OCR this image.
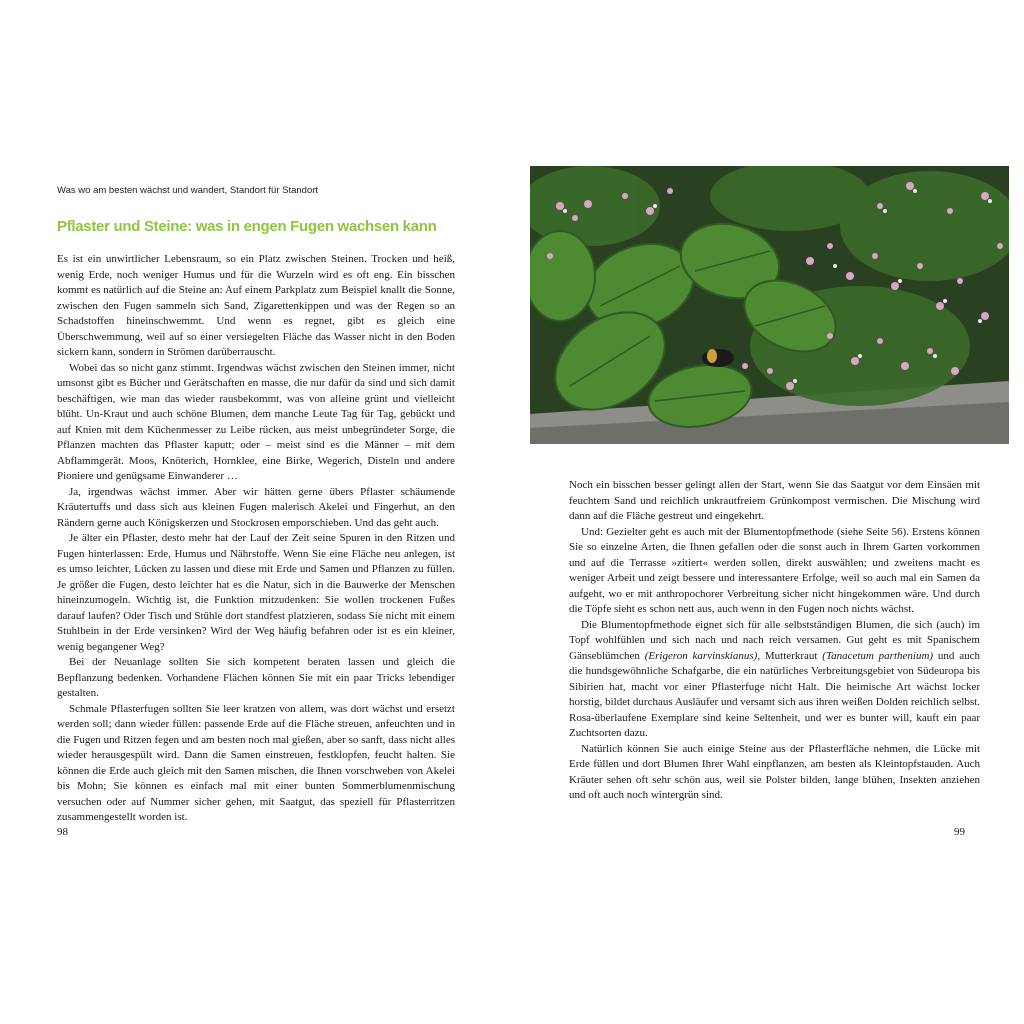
Was wo am besten wächst und wandert, Standort für Standort
Pflaster und Steine: was in engen Fugen wachsen kann

Es ist ein unwirtlicher Lebensraum, so ein Platz zwischen Steinen. Trocken und heiß, wenig Erde, noch weniger Humus und für die Wurzeln wird es oft eng. Ein bisschen kommt es natürlich auf die Steine an: Auf einem Parkplatz zum Beispiel knallt die Sonne, zwischen den Fugen sammeln sich Sand, Zigarettenkippen und was der Regen so an Schadstoffen hineinschwemmt. Und wenn es regnet, gibt es gleich eine Überschwemmung, weil auf so einer versiegelten Fläche das Wasser nicht in den Boden sickern kann, sondern in Strömen darüberrauscht.

Wobei das so nicht ganz stimmt. Irgendwas wächst zwischen den Steinen immer, nicht umsonst gibt es Bücher und Gerätschaften en masse, die nur dafür da sind und sich damit beschäftigen, wie man das wieder rausbekommt, was von alleine grünt und vielleicht blüht. Un-Kraut und auch schöne Blumen, dem manche Leute Tag für Tag, gebückt und auf Knien mit dem Küchenmesser zu Leibe rücken, aus meist unbegründeter Sorge, die Pflanzen machten das Pflaster kaputt; oder – meist sind es die Männer – mit dem Abflammgerät. Moos, Knöterich, Hornklee, eine Birke, Wegerich, Disteln und andere Pioniere und genügsame Einwanderer …

Ja, irgendwas wächst immer. Aber wir hätten gerne übers Pflaster schäumende Kräutertuffs und dass sich aus kleinen Fugen malerisch Akelei und Fingerhut, an den Rändern gerne auch Königskerzen und Stockrosen emporschieben. Und das geht auch.

Je älter ein Pflaster, desto mehr hat der Lauf der Zeit seine Spuren in den Ritzen und Fugen hinterlassen: Erde, Humus und Nährstoffe. Wenn Sie eine Fläche neu anlegen, ist es umso leichter, Lücken zu lassen und diese mit Erde und Samen und Pflanzen zu füllen. Je größer die Fugen, desto leichter hat es die Natur, sich in die Bauwerke der Menschen hineinzumogeln. Wichtig ist, die Funktion mitzudenken: Sie wollen trockenen Fußes darauf laufen? Oder Tisch und Stühle dort standfest platzieren, sodass Sie nicht mit einem Stuhlbein in der Erde versinken? Wird der Weg häufig befahren oder ist es ein kleiner, wenig begangener Weg?

Bei der Neuanlage sollten Sie sich kompetent beraten lassen und gleich die Bepflanzung bedenken. Vorhandene Flächen können Sie mit ein paar Tricks lebendiger gestalten.

Schmale Pflasterfugen sollten Sie leer kratzen von allem, was dort wächst und ersetzt werden soll; dann wieder füllen: passende Erde auf die Fläche streuen, anfeuchten und in die Fugen und Ritzen fegen und am besten noch mal gießen, aber so sanft, dass nicht alles wieder herausgespült wird. Dann die Samen einstreuen, festklopfen, feucht halten. Sie können die Erde auch gleich mit den Samen mischen, die Ihnen vorschweben von Akelei bis Mohn; Sie können es einfach mal mit einer bunten Sommerblumenmischung versuchen oder auf Nummer sicher gehen, mit Saatgut, das speziell für Pflasterritzen zusammengestellt worden ist.

98

Noch ein bisschen besser gelingt allen der Start, wenn Sie das Saatgut vor dem Einsäen mit feuchtem Sand und reichlich unkrautfreiem Grünkompost vermischen. Die Mischung wird dann auf die Fläche gestreut und eingekehrt.

Und: Gezielter geht es auch mit der Blumentopfmethode (siehe Seite 56). Erstens können Sie so einzelne Arten, die Ihnen gefallen oder die sonst auch in Ihrem Garten vorkommen und auf die Terrasse »zitiert« werden sollen, direkt auswählen; und zweitens macht es weniger Arbeit und zeigt bessere und interessantere Erfolge, weil so auch mal ein Samen da aufgeht, wo er mit anthropochorer Verbreitung sicher nicht hingekommen wäre. Und durch die Töpfe sieht es schon nett aus, auch wenn in den Fugen noch nichts wächst.

Die Blumentopfmethode eignet sich für alle selbstständigen Blumen, die sich (auch) im Topf wohlfühlen und sich nach und nach reich versamen. Gut geht es mit Spanischem Gänseblümchen (Erigeron karvinskianus), Mutterkraut (Tanacetum parthenium) und auch die hundsgewöhnliche Schafgarbe, die ein natürliches Verbreitungsgebiet von Südeuropa bis Sibirien hat, macht vor einer Pflasterfuge nicht Halt. Die heimische Art wächst locker horstig, bildet durchaus Ausläufer und versamt sich aus ihren weißen Dolden reichlich selbst. Rosa-überlaufene Exemplare sind keine Seltenheit, und wer es bunter will, kauft ein paar Zuchtsorten dazu.

Natürlich können Sie auch einige Steine aus der Pflasterfläche nehmen, die Lücke mit Erde füllen und dort Blumen Ihrer Wahl einpflanzen, am besten als Kleintopfstauden. Auch Kräuter sehen oft sehr schön aus, weil sie Polster bilden, lange blühen, Insekten anziehen und oft auch noch wintergrün sind.

99
